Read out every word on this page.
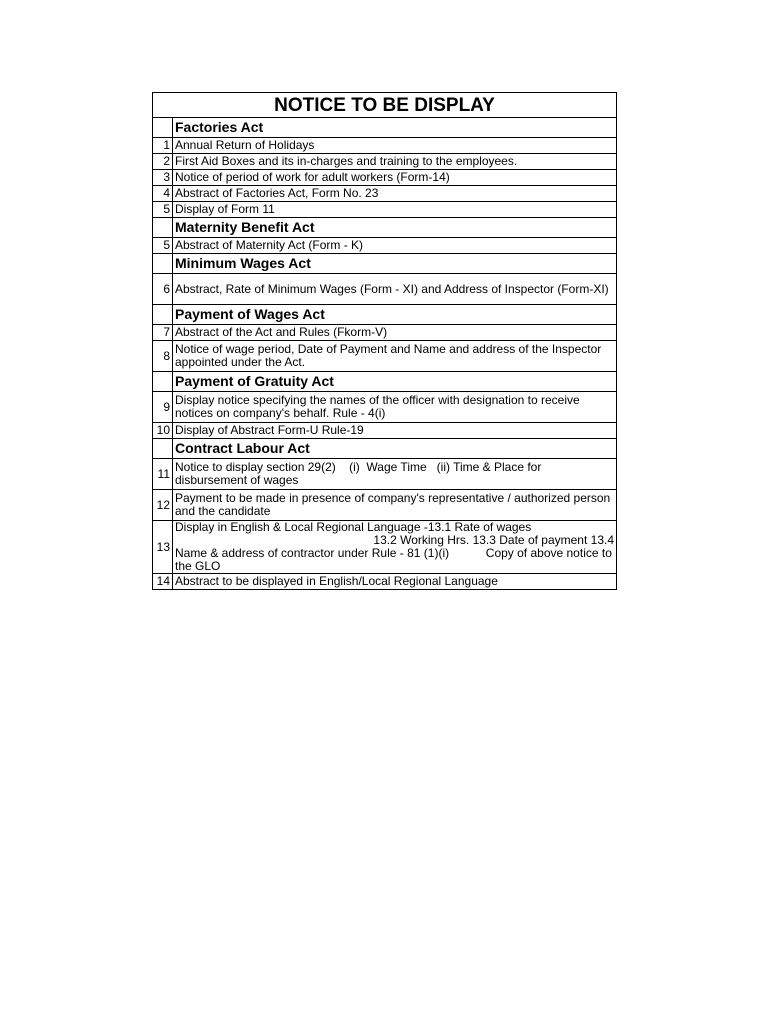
NOTICE TO BE DISPLAY	
	Factories Act
1	Annual Return of Holidays
2	First Aid Boxes and its in-charges and training to the employees.
3	Notice of period of work for adult workers (Form-14)
4	Abstract of Factories Act, Form No. 23
5	Display of Form 11
	Maternity Benefit Act
5	Abstract of Maternity Act (Form - K)
	Minimum Wages Act
6	Abstract, Rate of Minimum Wages (Form - XI) and Address of Inspector (Form-XI)
	Payment of Wages Act
7	Abstract of the Act and Rules (Fkorm-V)
8	Notice of wage period, Date of Payment and Name and address of the Inspector appointed under the Act.
	Payment of Gratuity Act
9	Display notice specifying the names of the officer with designation to receive notices on company's behalf. Rule - 4(i)
10	Display of Abstract Form-U Rule-19
	Contract Labour Act
11	Notice to display section 29(2)    (i)  Wage Time   (ii) Time & Place for disbursement of wages
12	Payment to be made in presence of company's representative / authorized person and the candidate
13	Display in English & Local Regional Language -13.1 Rate of wages
13.2 Working Hrs. 13.3 Date of payment 13.4
Name & address of contractor under Rule - 81 (1)(i)           Copy of above notice to the GLO

14	Abstract to be displayed in English/Local Regional Language
